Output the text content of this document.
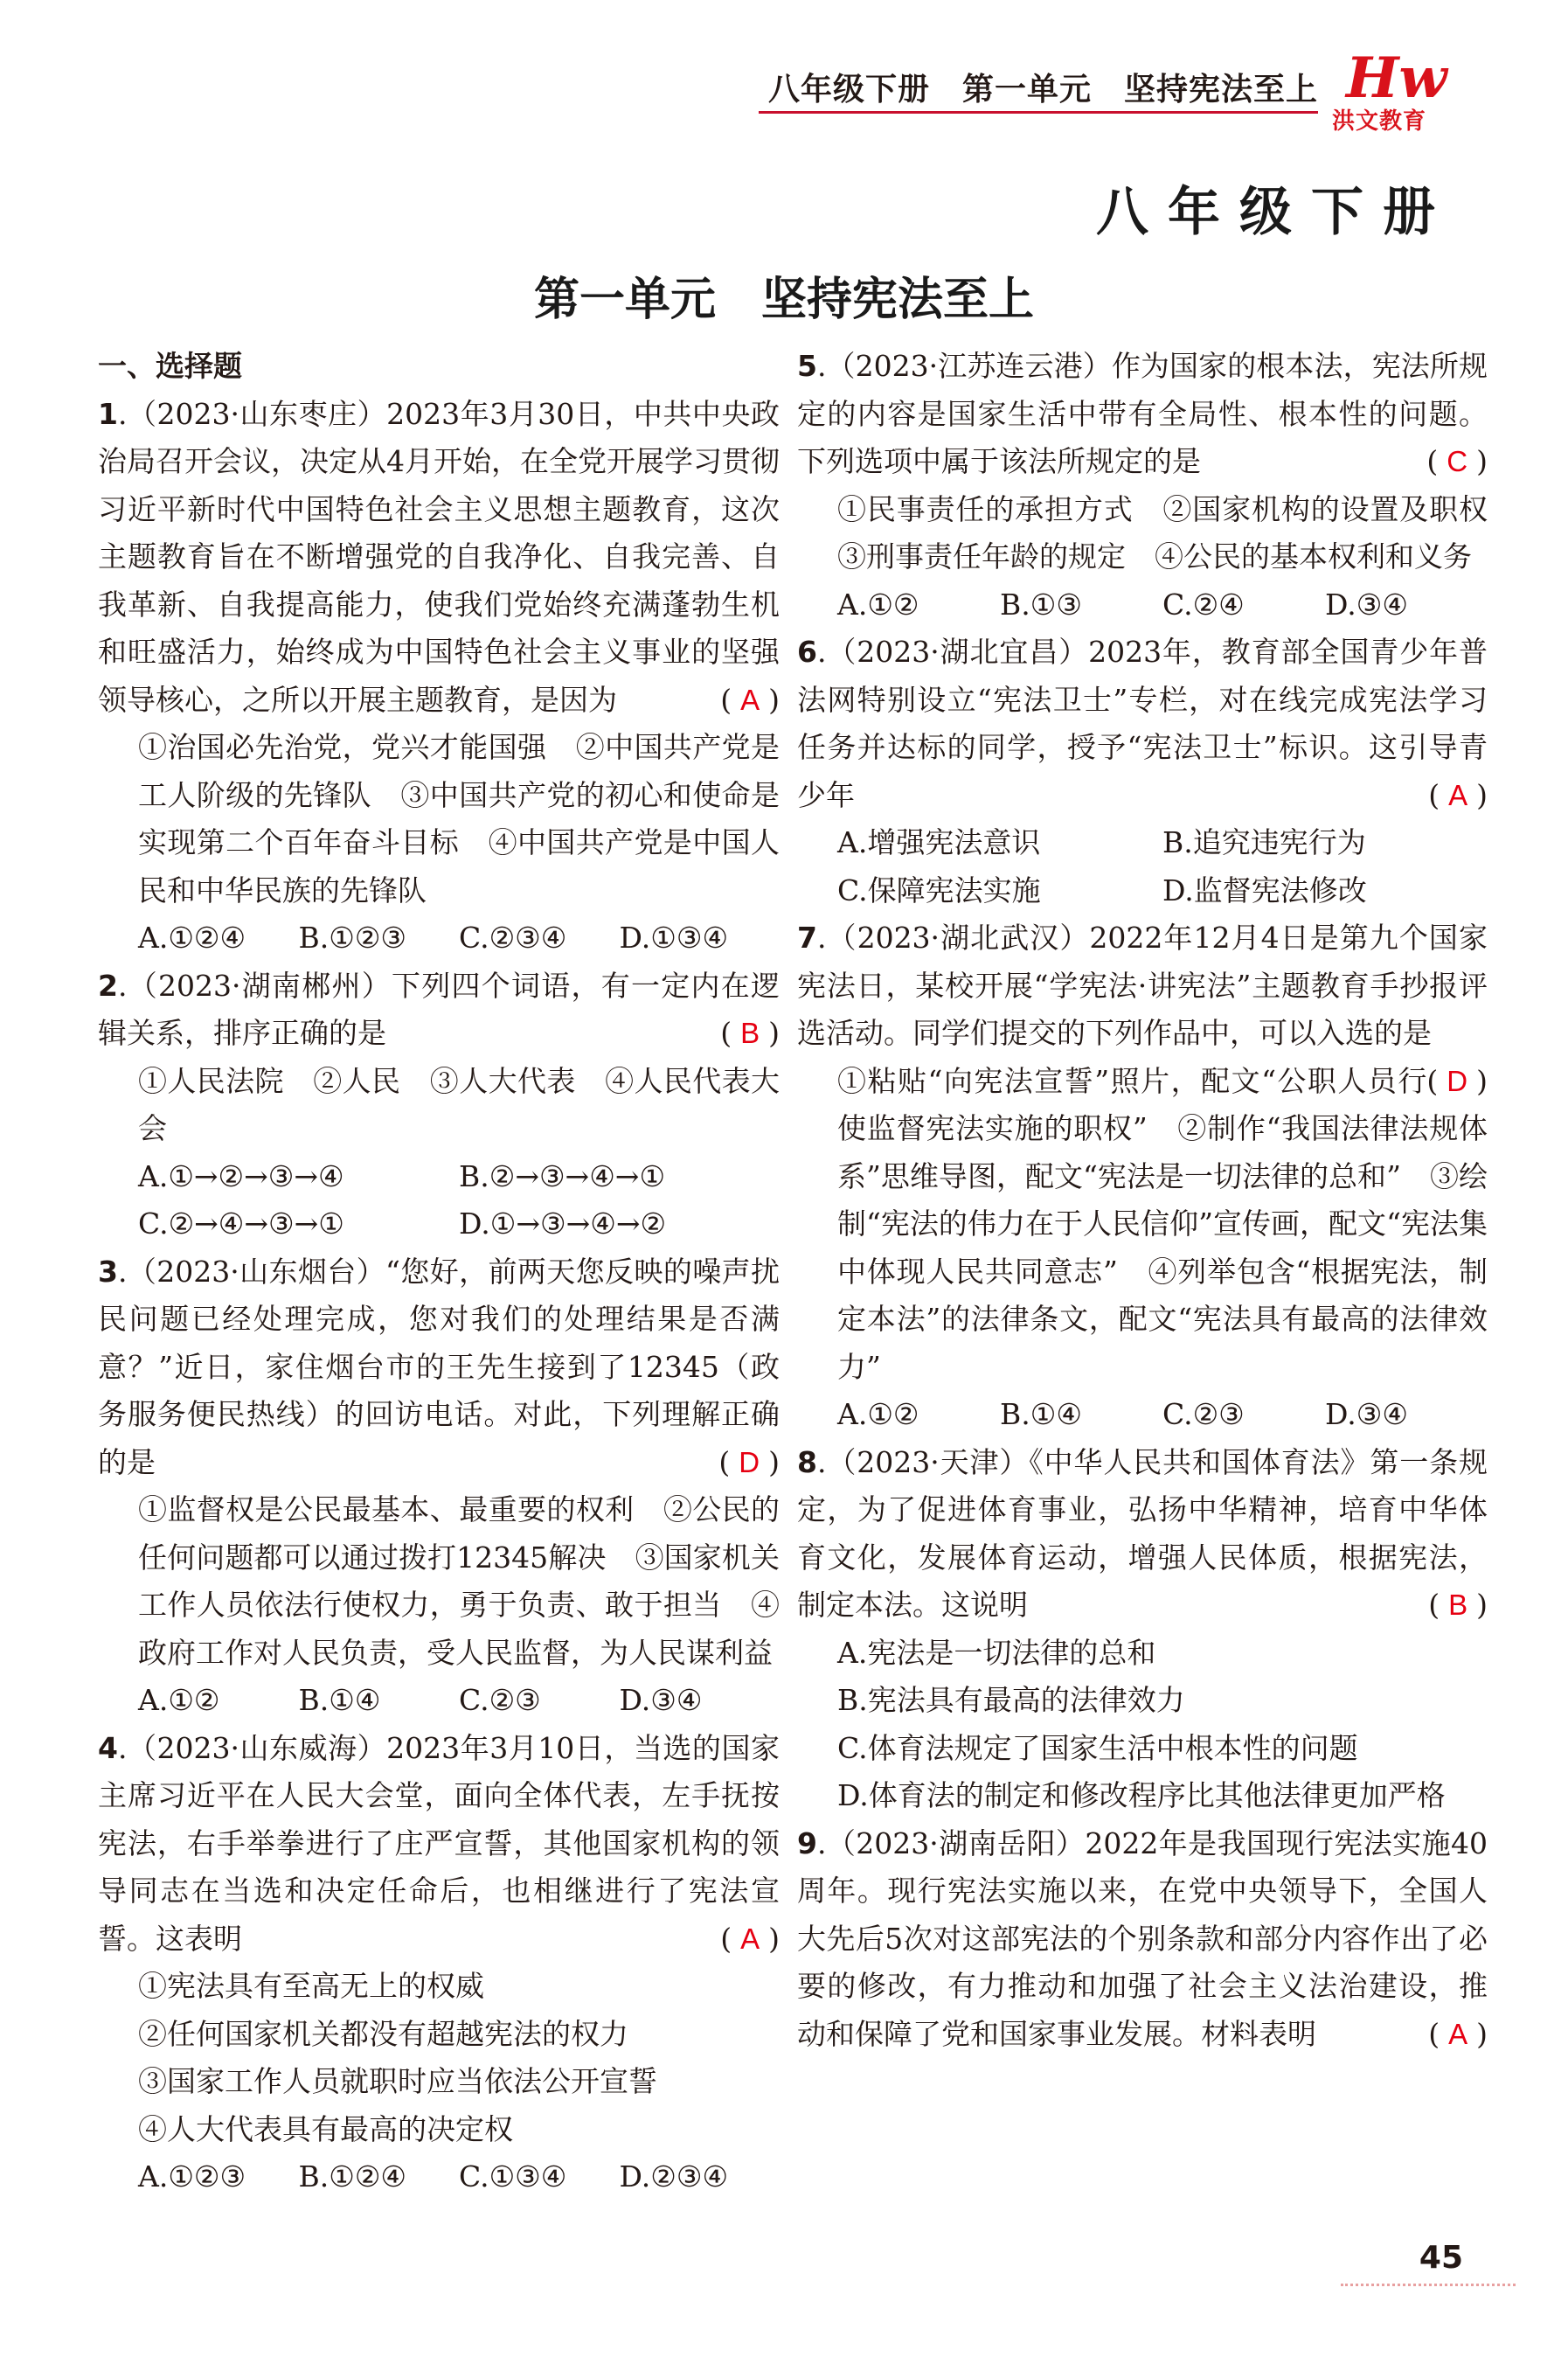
八年级下册　第一单元　坚持宪法至上 Hw
洪文教育
八年级下册
第一单元　坚持宪法至上
一、选择题
1.（2023·山东枣庄）2023年3月30日，中共中央政治局召开会议，决定从4月开始，在全党开展学习贯彻习近平新时代中国特色社会主义思想主题教育，这次主题教育旨在不断增强党的自我净化、自我完善、自我革新、自我提高能力，使我们党始终充满蓬勃生机和旺盛活力，始终成为中国特色社会主义事业的坚强领导核心，之所以开展主题教育，是因为	( A )
①治国必先治党，党兴才能国强　②中国共产党是工人阶级的先锋队　③中国共产党的初心和使命是实现第二个百年奋斗目标　④中国共产党是中国人民和中华民族的先锋队
A.①②④	B.①②③	C.②③④	D.①③④
2.（2023·湖南郴州）下列四个词语，有一定内在逻辑关系，排序正确的是	( B )
①人民法院　②人民　③人大代表　④人民代表大会
A.①→②→③→④	B.②→③→④→①
C.②→④→③→①	D.①→③→④→②
3.（2023·山东烟台）“您好，前两天您反映的噪声扰民问题已经处理完成，您对我们的处理结果是否满意？”近日，家住烟台市的王先生接到了12345（政务服务便民热线）的回访电话。对此，下列理解正确的是	( D )
①监督权是公民最基本、最重要的权利　②公民的任何问题都可以通过拨打12345解决　③国家机关工作人员依法行使权力，勇于负责、敢于担当　④政府工作对人民负责，受人民监督，为人民谋利益
A.①②	B.①④	C.②③	D.③④
4.（2023·山东威海）2023年3月10日，当选的国家主席习近平在人民大会堂，面向全体代表，左手抚按宪法，右手举拳进行了庄严宣誓，其他国家机构的领导同志在当选和决定任命后，也相继进行了宪法宣誓。这表明	( A )
①宪法具有至高无上的权威
②任何国家机关都没有超越宪法的权力
③国家工作人员就职时应当依法公开宣誓
④人大代表具有最高的决定权
A.①②③	B.①②④	C.①③④	D.②③④
5.（2023·江苏连云港）作为国家的根本法，宪法所规定的内容是国家生活中带有全局性、根本性的问题。下列选项中属于该法所规定的是	( C )
①民事责任的承担方式　②国家机构的设置及职权　③刑事责任年龄的规定　④公民的基本权利和义务
A.①②	B.①③	C.②④	D.③④
6.（2023·湖北宜昌）2023年，教育部全国青少年普法网特别设立“宪法卫士”专栏，对在线完成宪法学习任务并达标的同学，授予“宪法卫士”标识。这引导青少年	( A )
A.增强宪法意识	B.追究违宪行为
C.保障宪法实施	D.监督宪法修改
7.（2023·湖北武汉）2022年12月4日是第九个国家宪法日，某校开展“学宪法·讲宪法”主题教育手抄报评选活动。同学们提交的下列作品中，可以入选的是
( D )
①粘贴“向宪法宣誓”照片，配文“公职人员行使监督宪法实施的职权”　②制作“我国法律法规体系”思维导图，配文“宪法是一切法律的总和”　③绘制“宪法的伟力在于人民信仰”宣传画，配文“宪法集中体现人民共同意志”　④列举包含“根据宪法，制定本法”的法律条文，配文“宪法具有最高的法律效力”
A.①②	B.①④	C.②③	D.③④
8.（2023·天津）《中华人民共和国体育法》第一条规定，为了促进体育事业，弘扬中华精神，培育中华体育文化，发展体育运动，增强人民体质，根据宪法，制定本法。这说明	( B )
A.宪法是一切法律的总和
B.宪法具有最高的法律效力
C.体育法规定了国家生活中根本性的问题
D.体育法的制定和修改程序比其他法律更加严格
9.（2023·湖南岳阳）2022年是我国现行宪法实施40周年。现行宪法实施以来，在党中央领导下，全国人大先后5次对这部宪法的个别条款和部分内容作出了必要的修改，有力推动和加强了社会主义法治建设，推动和保障了党和国家事业发展。材料表明	( A )
45
